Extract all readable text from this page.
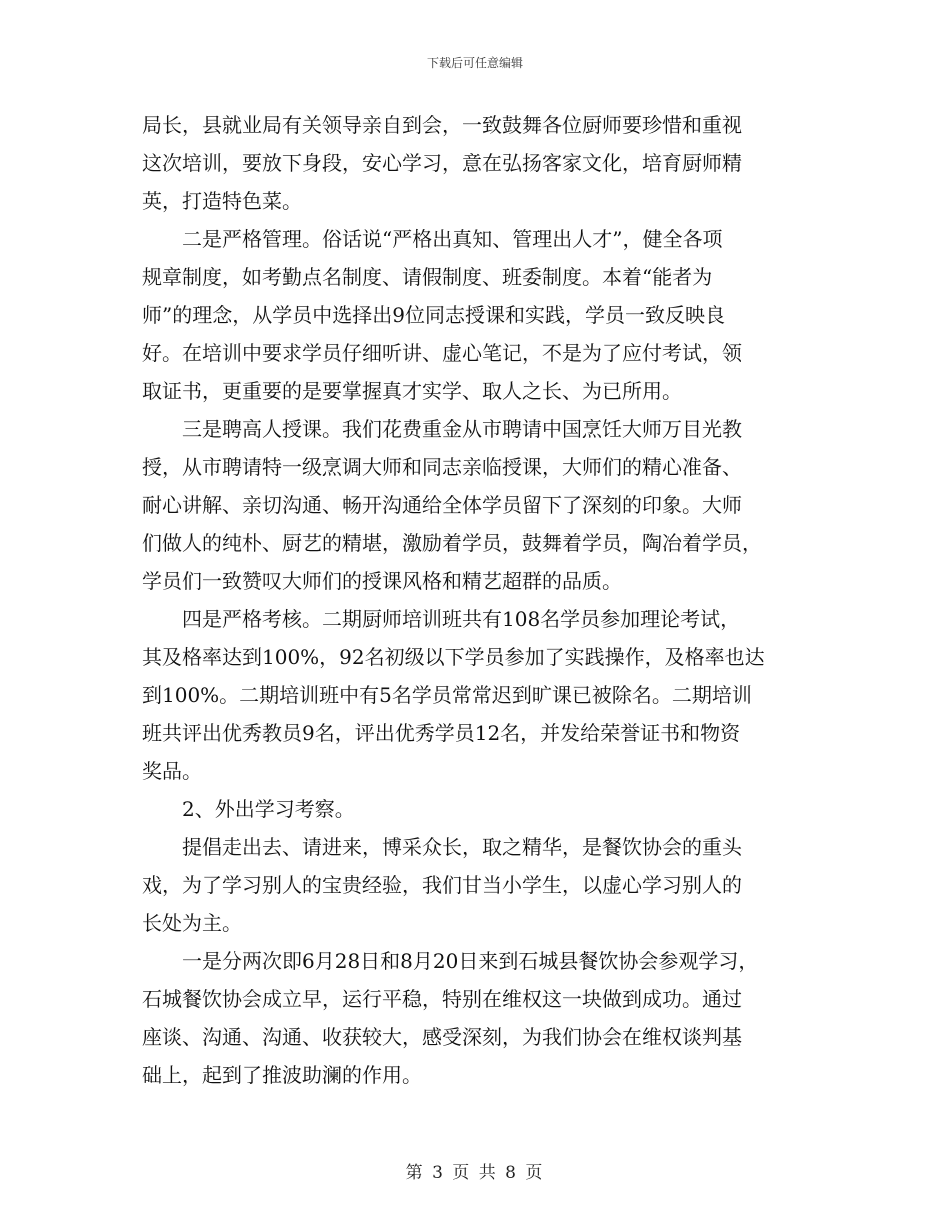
下载后可任意编辑
局长，县就业局有关领导亲自到会，一致鼓舞各位厨师要珍惜和重视
这次培训，要放下身段，安心学习，意在弘扬客家文化，培育厨师精
英，打造特色菜。
　　二是严格管理。俗话说“严格出真知、管理出人才”，健全各项
规章制度，如考勤点名制度、请假制度、班委制度。本着“能者为
师”的理念，从学员中选择出9位同志授课和实践，学员一致反映良
好。在培训中要求学员仔细听讲、虚心笔记，不是为了应付考试，领
取证书，更重要的是要掌握真才实学、取人之长、为已所用。
　　三是聘高人授课。我们花费重金从市聘请中国烹饪大师万目光教
授，从市聘请特一级烹调大师和同志亲临授课，大师们的精心准备、
耐心讲解、亲切沟通、畅开沟通给全体学员留下了深刻的印象。大师
们做人的纯朴、厨艺的精堪，激励着学员，鼓舞着学员，陶冶着学员，
学员们一致赞叹大师们的授课风格和精艺超群的品质。
　　四是严格考核。二期厨师培训班共有108名学员参加理论考试，
其及格率达到100%，92名初级以下学员参加了实践操作，及格率也达
到100%。二期培训班中有5名学员常常迟到旷课已被除名。二期培训
班共评出优秀教员9名，评出优秀学员12名，并发给荣誉证书和物资
奖品。
　　2、外出学习考察。
　　提倡走出去、请进来，博采众长，取之精华，是餐饮协会的重头
戏，为了学习别人的宝贵经验，我们甘当小学生，以虚心学习别人的
长处为主。
　　一是分两次即6月28日和8月20日来到石城县餐饮协会参观学习，
石城餐饮协会成立早，运行平稳，特别在维权这一块做到成功。通过
座谈、沟通、沟通、收获较大，感受深刻，为我们协会在维权谈判基
础上，起到了推波助澜的作用。
第 3 页 共 8 页
